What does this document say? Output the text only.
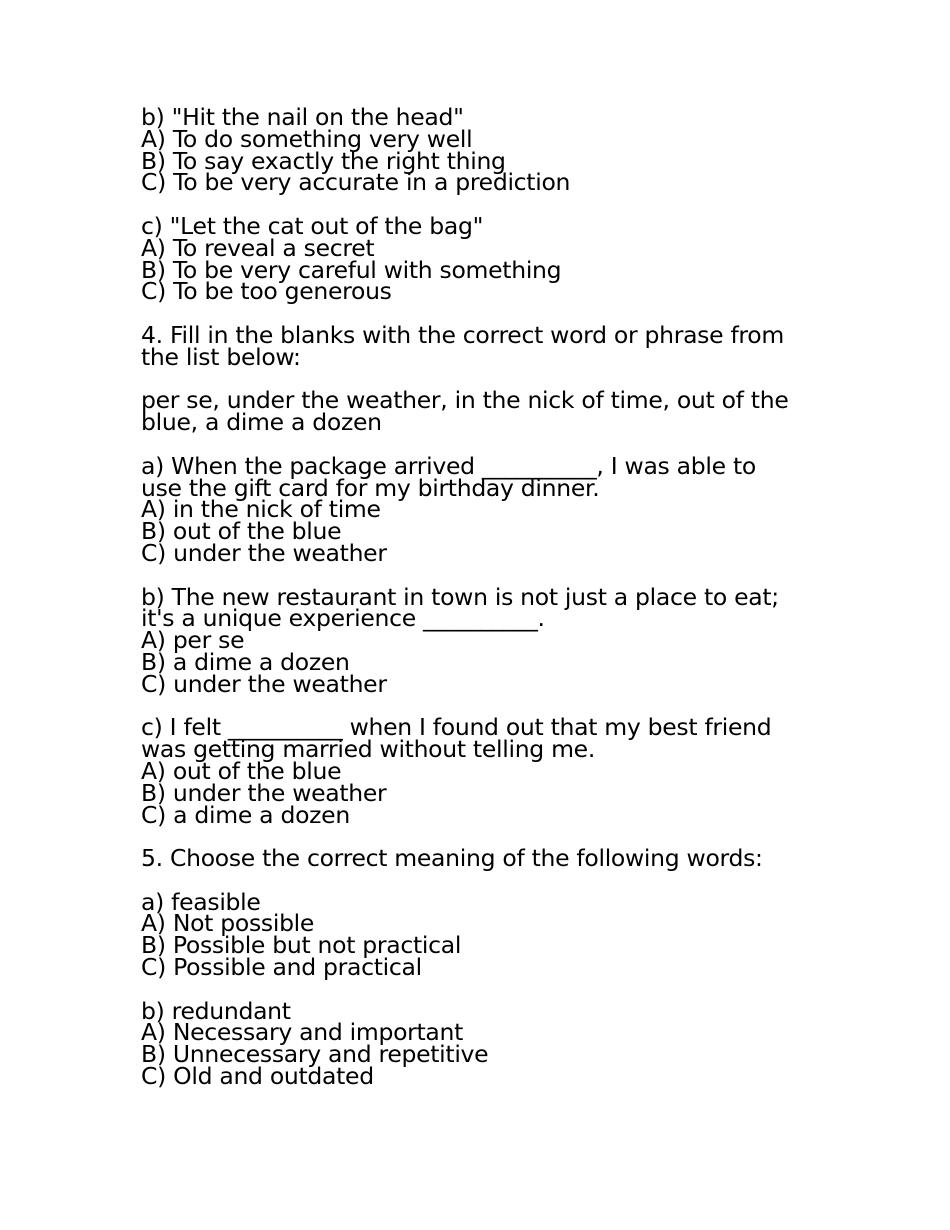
b) "Hit the nail on the head"
A) To do something very well
B) To say exactly the right thing
C) To be very accurate in a prediction
c) "Let the cat out of the bag"
A) To reveal a secret
B) To be very careful with something
C) To be too generous
4. Fill in the blanks with the correct word or phrase from
the list below:
per se, under the weather, in the nick of time, out of the
blue, a dime a dozen
a) When the package arrived __________, I was able to
use the gift card for my birthday dinner.
A) in the nick of time
B) out of the blue
C) under the weather
b) The new restaurant in town is not just a place to eat;
it's a unique experience __________.
A) per se
B) a dime a dozen
C) under the weather
c) I felt __________ when I found out that my best friend
was getting married without telling me.
A) out of the blue
B) under the weather
C) a dime a dozen
5. Choose the correct meaning of the following words:
a) feasible
A) Not possible
B) Possible but not practical
C) Possible and practical
b) redundant
A) Necessary and important
B) Unnecessary and repetitive
C) Old and outdated
